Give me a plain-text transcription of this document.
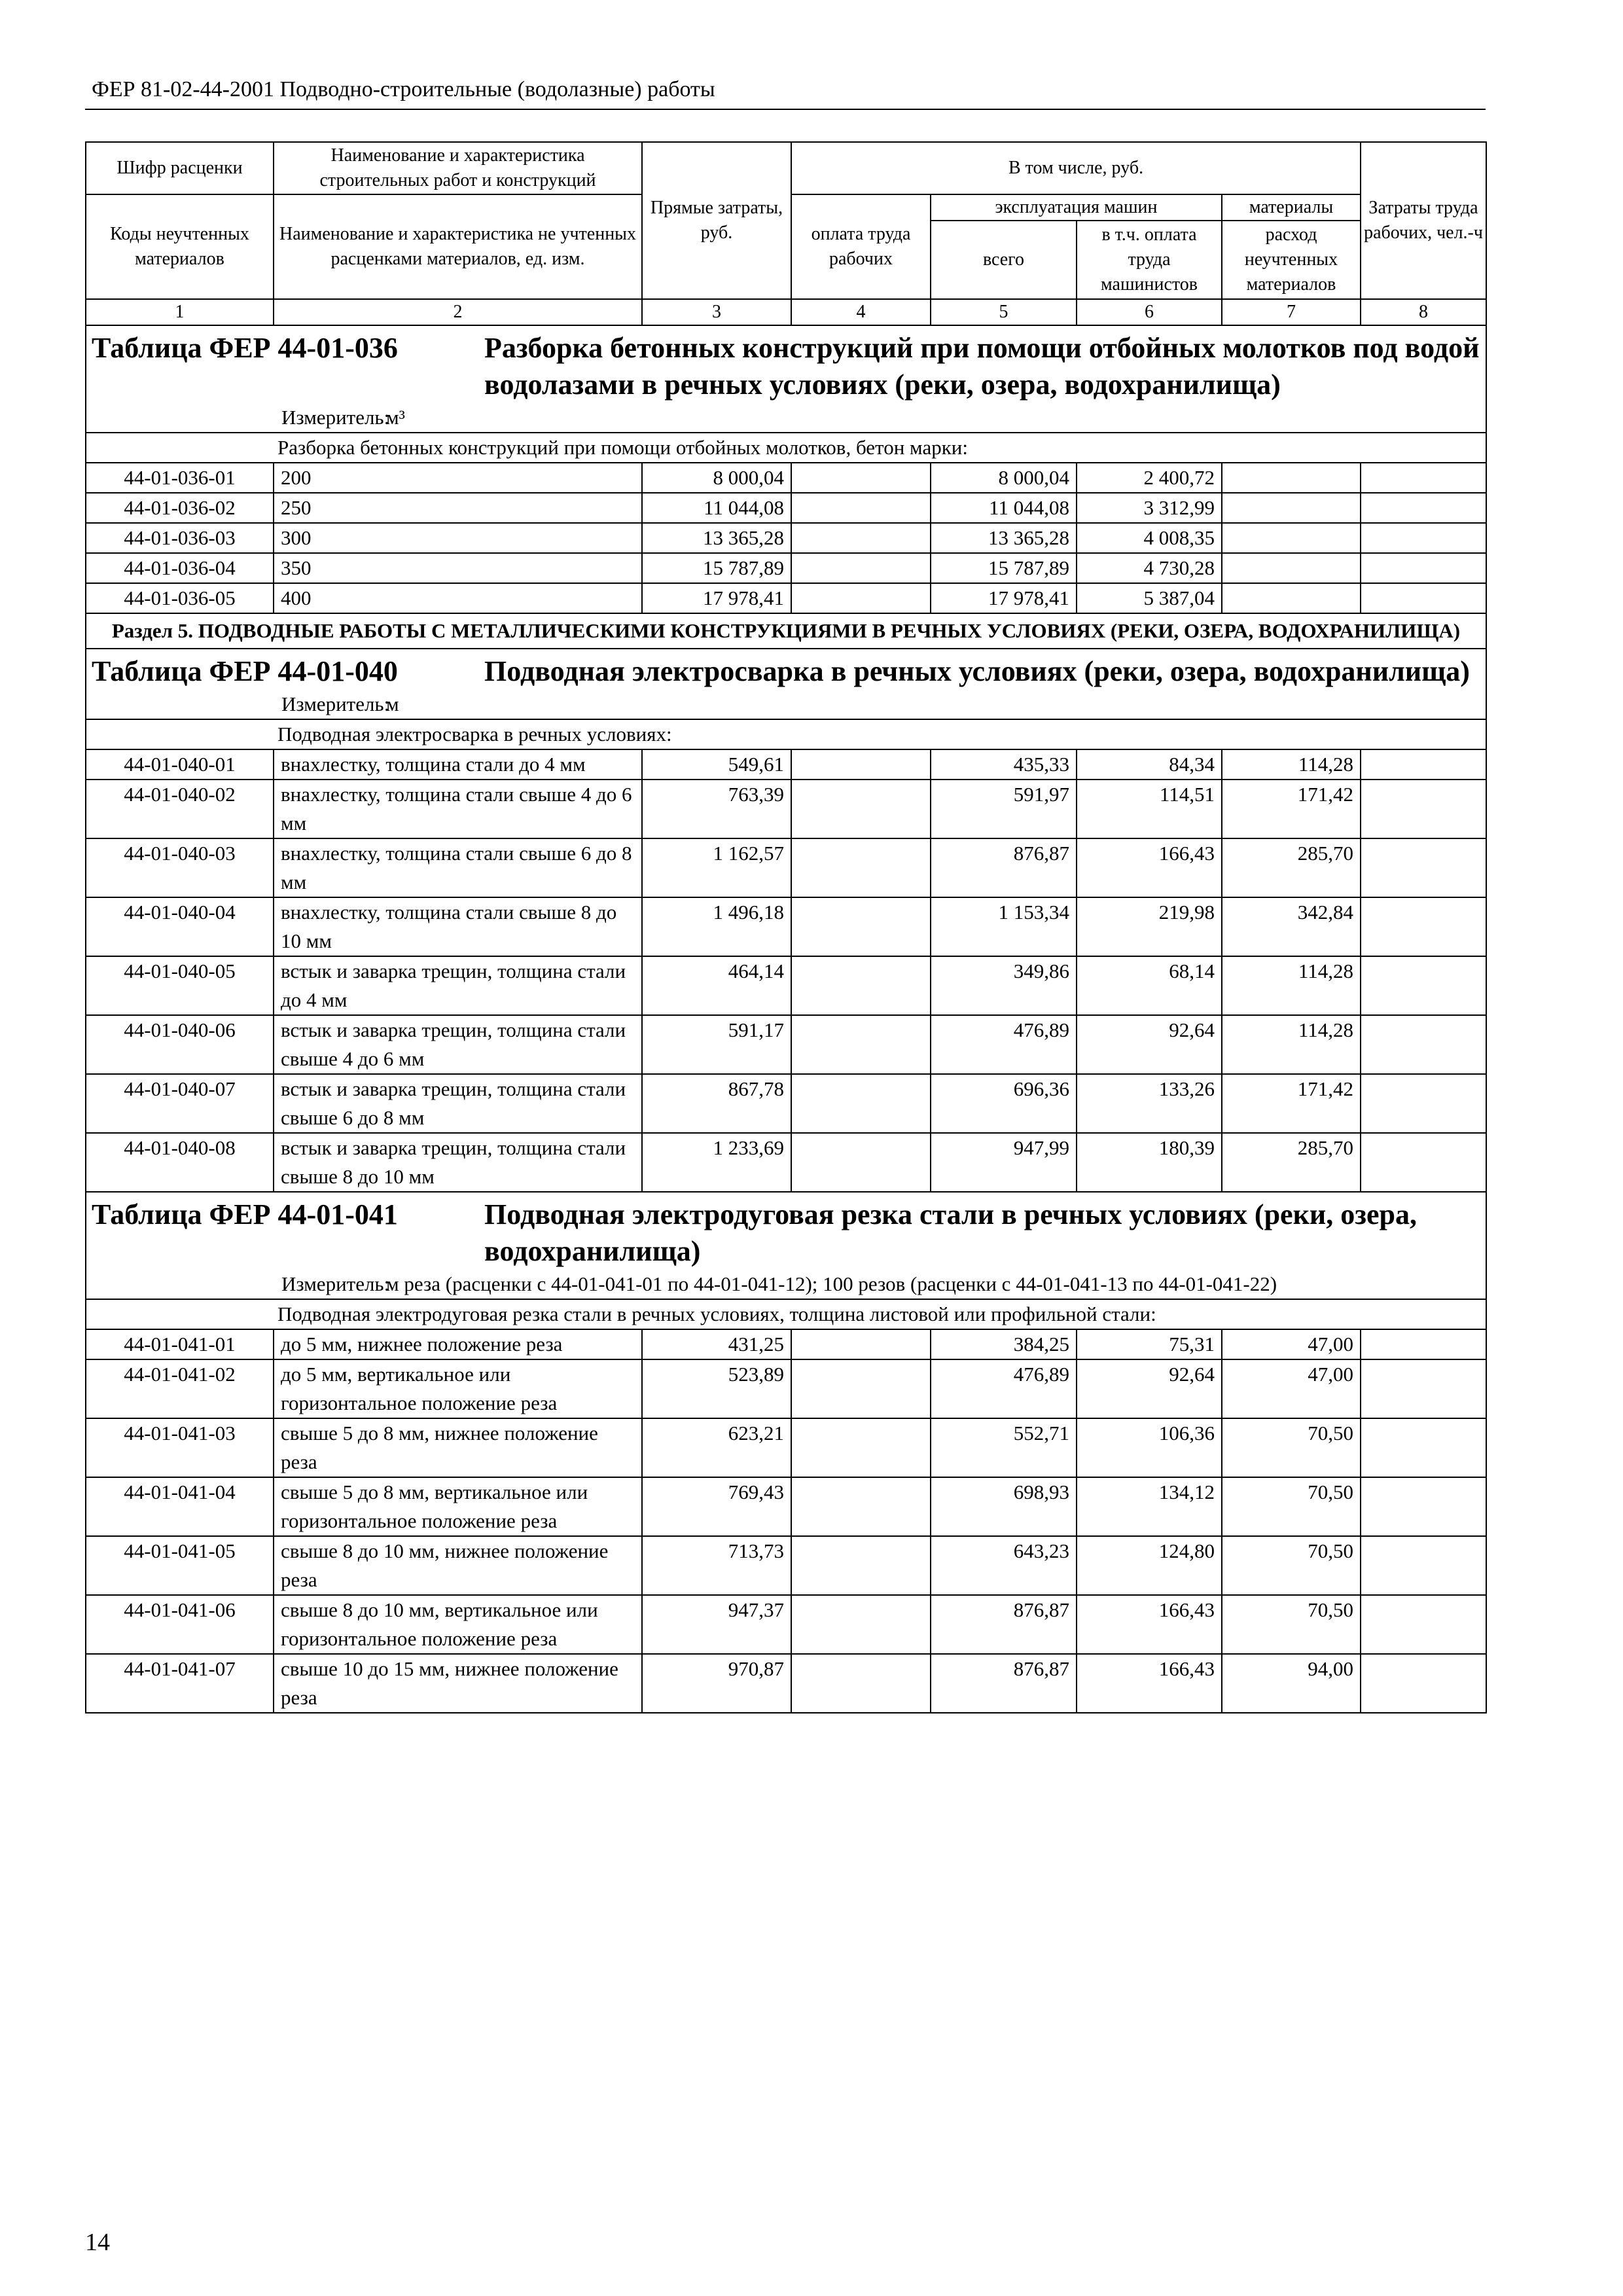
ФЕР 81-02-44-2001 Подводно-строительные (водолазные) работы
Шифр расценки	Наименование и характеристика строительных работ и конструкций	Прямые затраты, руб.	В том числе, руб.				Затраты труда рабочих, чел.-ч
Коды неучтенных материалов	Наименование и характеристика не учтенных расценками материалов, ед. изм.		оплата труда рабочих	эксплуатация машин		материалы	
				всего	в т.ч. оплата труда машинистов	расход неучтенных материалов	
1	2	3	4	5	6	7	8

Таблица ФЕР 44-01-036 Разборка бетонных конструкций при помощи отбойных молотков под водой водолазами в речных условиях (реки, озера, водохранилища)
Измеритель:
м³							

Разборка бетонных конструкций при помощи отбойных молотков, бетон марки:							
44-01-036-01	200	8 000,04		8 000,04	2 400,72		
44-01-036-02	250	11 044,08		11 044,08	3 312,99		
44-01-036-03	300	13 365,28		13 365,28	4 008,35		
44-01-036-04	350	15 787,89		15 787,89	4 730,28		
44-01-036-05	400	17 978,41		17 978,41	5 387,04		
Раздел 5. ПОДВОДНЫЕ РАБОТЫ С МЕТАЛЛИЧЕСКИМИ КОНСТРУКЦИЯМИ В РЕЧНЫХ УСЛОВИЯХ (РЕКИ, ОЗЕРА, ВОДОХРАНИЛИЩА)							

Таблица ФЕР 44-01-040 Подводная электросварка в речных условиях (реки, озера, водохранилища)
Измеритель:
м							

Подводная электросварка в речных условиях:							
44-01-040-01	внахлестку, толщина стали до 4 мм	549,61		435,33	84,34	114,28	
44-01-040-02	внахлестку, толщина стали свыше 4 до 6 мм	763,39		591,97	114,51	171,42	
44-01-040-03	внахлестку, толщина стали свыше 6 до 8 мм	1 162,57		876,87	166,43	285,70	
44-01-040-04	внахлестку, толщина стали свыше 8 до 10 мм	1 496,18		1 153,34	219,98	342,84	
44-01-040-05	встык и заварка трещин, толщина стали до 4 мм	464,14		349,86	68,14	114,28	
44-01-040-06	встык и заварка трещин, толщина стали свыше 4 до 6 мм	591,17		476,89	92,64	114,28	
44-01-040-07	встык и заварка трещин, толщина стали свыше 6 до 8 мм	867,78		696,36	133,26	171,42	
44-01-040-08	встык и заварка трещин, толщина стали свыше 8 до 10 мм	1 233,69		947,99	180,39	285,70	

Таблица ФЕР 44-01-041 Подводная электродуговая резка стали в речных условиях (реки, озера, водохранилища)
Измеритель:
м реза (расценки с 44-01-041-01 по 44-01-041-12); 100 резов (расценки с 44-01-041-13 по 44-01-041-22)							

Подводная электродуговая резка стали в речных условиях, толщина листовой или профильной стали:							
44-01-041-01	до 5 мм, нижнее положение реза	431,25		384,25	75,31	47,00	
44-01-041-02	до 5 мм, вертикальное или горизонтальное положение реза	523,89		476,89	92,64	47,00	
44-01-041-03	свыше 5 до 8 мм, нижнее положение реза	623,21		552,71	106,36	70,50	
44-01-041-04	свыше 5 до 8 мм, вертикальное или горизонтальное положение реза	769,43		698,93	134,12	70,50	
44-01-041-05	свыше 8 до 10 мм, нижнее положение реза	713,73		643,23	124,80	70,50	
44-01-041-06	свыше 8 до 10 мм, вертикальное или горизонтальное положение реза	947,37		876,87	166,43	70,50	
44-01-041-07	свыше 10 до 15 мм, нижнее положение реза	970,87		876,87	166,43	94,00	
14
